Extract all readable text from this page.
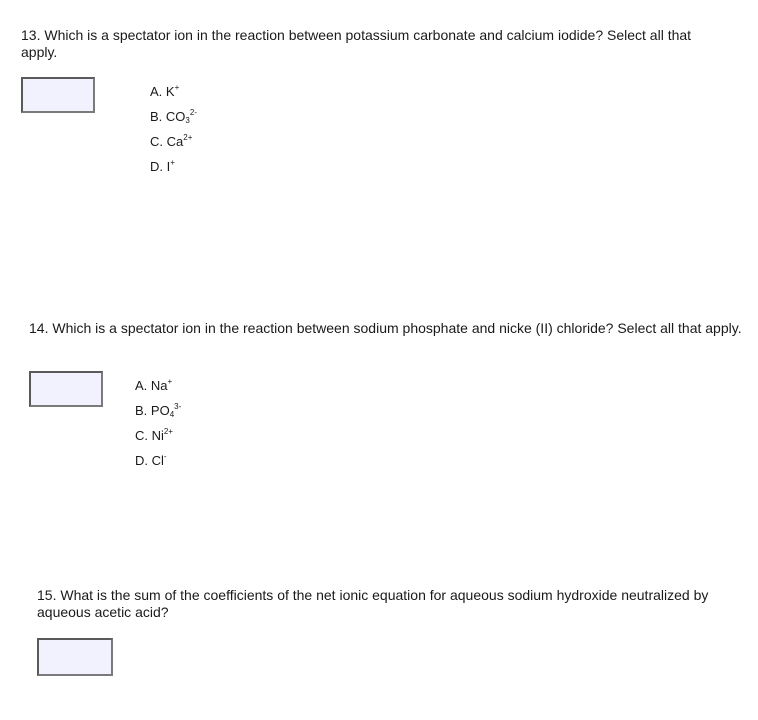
13. Which is a spectator ion in the reaction between potassium carbonate and calcium iodide? Select all that apply.

A. K+
B. $CO_3^{2-}$
C. $Ca^{2+}$
D. I+

14. Which is a spectator ion in the reaction between sodium phosphate and nicke (II) chloride? Select all that apply.

A. Na+
B. $PO_4^{3-}$
C. $Ni^{2+}$
D. Cl-

15. What is the sum of the coefficients of the net ionic equation for aqueous sodium hydroxide neutralized by aqueous acetic acid?
